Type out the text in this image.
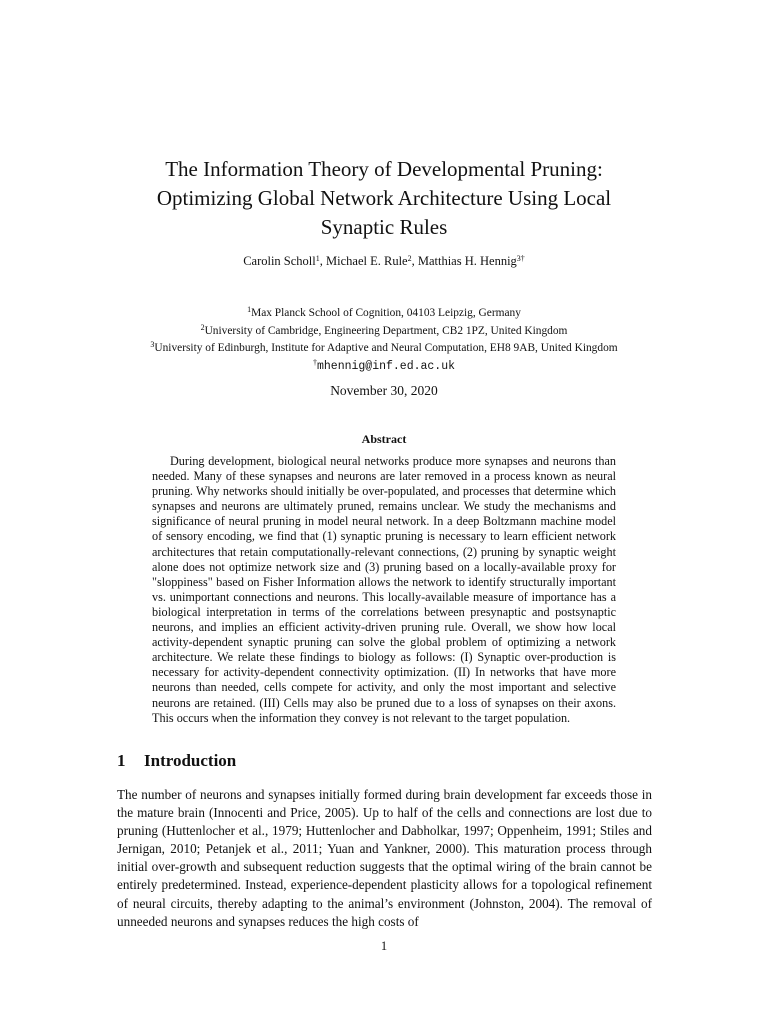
The Information Theory of Developmental Pruning:
Optimizing Global Network Architecture Using Local
Synaptic Rules
Carolin Scholl$^1$, Michael E. Rule$^2$, Matthias H. Hennig$^{3\dagger}$
$^1$Max Planck School of Cognition, 04103 Leipzig, Germany
$^2$University of Cambridge, Engineering Department, CB2 1PZ, United Kingdom
$^3$University of Edinburgh, Institute for Adaptive and Neural Computation, EH8 9AB, United Kingdom
†mhennig@inf.ed.ac.uk
November 30, 2020
Abstract

During development, biological neural networks produce more synapses and neurons than needed. Many of these synapses and neurons are later removed in a process known as neural pruning. Why networks should initially be over-populated, and processes that determine which synapses and neurons are ultimately pruned, remains unclear. We study the mechanisms and significance of neural pruning in model neural network. In a deep Boltzmann machine model of sensory encoding, we find that (1) synaptic pruning is necessary to learn efficient network architectures that retain computationally-relevant connections, (2) pruning by synaptic weight alone does not optimize network size and (3) pruning based on a locally-available proxy for "sloppiness" based on Fisher Information allows the network to identify structurally important vs. unimportant connections and neurons. This locally-available measure of importance has a biological interpretation in terms of the correlations between presynaptic and postsynaptic neurons, and implies an efficient activity-driven pruning rule. Overall, we show how local activity-dependent synaptic pruning can solve the global problem of optimizing a network architecture. We relate these findings to biology as follows: (I) Synaptic over-production is necessary for activity-dependent connectivity optimization. (II) In networks that have more neurons than needed, cells compete for activity, and only the most important and selective neurons are retained. (III) Cells may also be pruned due to a loss of synapses on their axons. This occurs when the information they convey is not relevant to the target population.

1 Introduction

The number of neurons and synapses initially formed during brain development far exceeds those in the mature brain (Innocenti and Price, 2005). Up to half of the cells and connections are lost due to pruning (Huttenlocher et al., 1979; Huttenlocher and Dabholkar, 1997; Oppenheim, 1991; Stiles and Jernigan, 2010; Petanjek et al., 2011; Yuan and Yankner, 2000). This maturation process through initial over-growth and subsequent reduction suggests that the optimal wiring of the brain cannot be entirely predetermined. Instead, experience-dependent plasticity allows for a topological refinement of neural circuits, thereby adapting to the animal’s environment (Johnston, 2004). The removal of unneeded neurons and synapses reduces the high costs of

1
